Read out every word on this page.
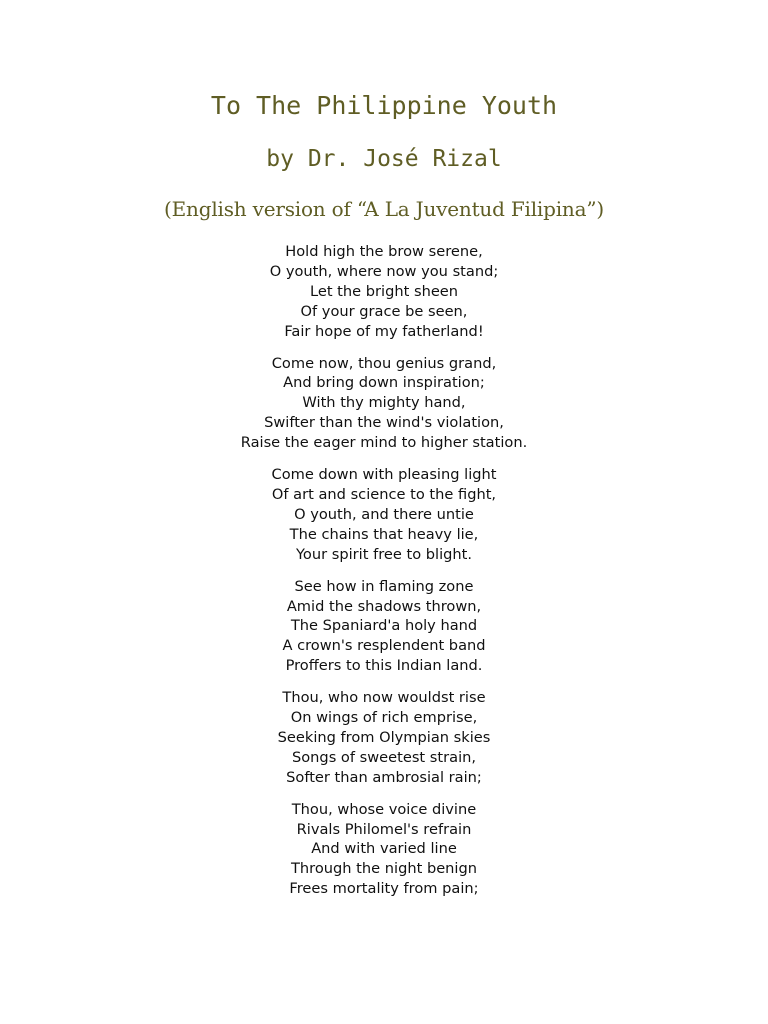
To The Philippine Youth
by Dr. José Rizal
(English version of “A La Juventud Filipina”)
Hold high the brow serene,
O youth, where now you stand;
Let the bright sheen
Of your grace be seen,
Fair hope of my fatherland!
Come now, thou genius grand,
And bring down inspiration;
With thy mighty hand,
Swifter than the wind's violation,
Raise the eager mind to higher station.
Come down with pleasing light
Of art and science to the fight,
O youth, and there untie
The chains that heavy lie,
Your spirit free to blight.
See how in flaming zone
Amid the shadows thrown,
The Spaniard'a holy hand
A crown's resplendent band
Proffers to this Indian land.
Thou, who now wouldst rise
On wings of rich emprise,
Seeking from Olympian skies
Songs of sweetest strain,
Softer than ambrosial rain;
Thou, whose voice divine
Rivals Philomel's refrain
And with varied line
Through the night benign
Frees mortality from pain;
